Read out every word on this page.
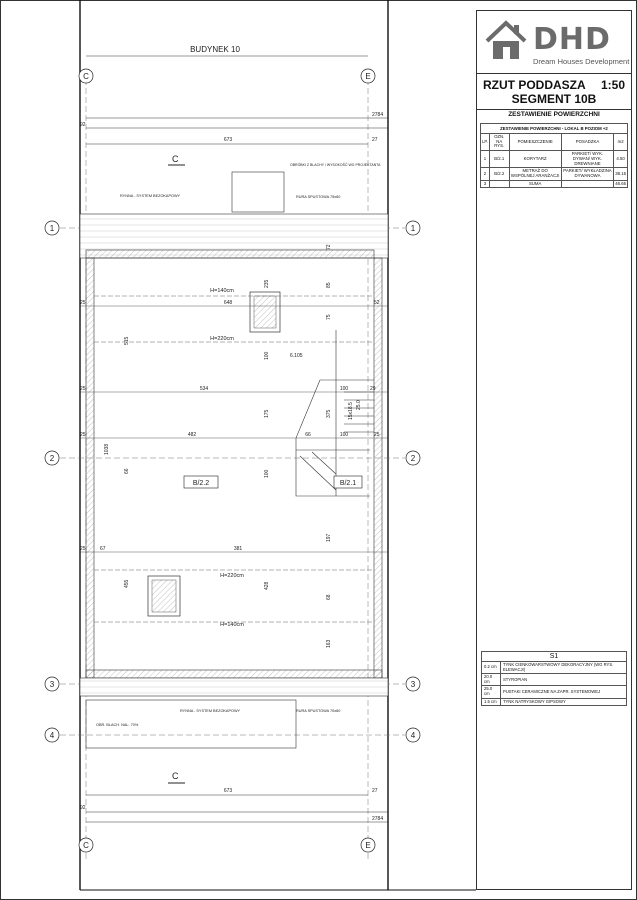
BUDYNEK 10
C	E
C	E
1	1
2	2
3	3
4	4
2784
92
673	27
C
RYNNA - SYSTEM BEZOKAPOWY	RURA SPUSTOWA 75x60
OBRÓBKI Z BLACHY / WYSOKOŚĆ WG PROJEKTANTA
H=140cm
H=220cm
H=220cm
H=140cm
25	648	52
25	534	100	29
25	482	66	100	25
25	67	381
515
1038
455
66
235
100
175
100
428
72
85
75
375
197
68
163
15x18.5 25.0
6.105
B/2.2	B/2.1
OBR. BLACH. NAL. 70%
RYNNA - SYSTEM BEZOKAPOWY	RURA SPUSTOWA 70x60
C
673	27
92
2784
DHD
Dream Houses Development
RZUT PODDASZA 1:50
SEGMENT 10B
ZESTAWIENIE POWIERZCHNI
ZESTAWIENIE POWIERZCHNI - LOKAL B POZIOM +2
LP.	OZN. NA RYS.	POMIESZCZENIE	POSADZKA	m2
1	B/2.1	KORYTARZ	PARKIET/ WYK. DYWAN/ WYK. DREWNIANE	4.50
2	B/2.2	METRAŻ DO WSPÓLNEJ ARANŻACJI	PARKIET/ WYKŁADZINA DYWANOWA	38.15
3		SUMA		46.65
S1
0.2 cm	TYNK CIENKOWARSTWOWY DEKORACYJNY (WG RYS. ELEWACJI)
20.0 cm	STYROPIAN
25.0 cm	PUSTAKI CERAMICZNE NA ZAPR. SYSTEMOWEJ
1.5 cm	TYNK NATRYSKOWY GIPSOWY
